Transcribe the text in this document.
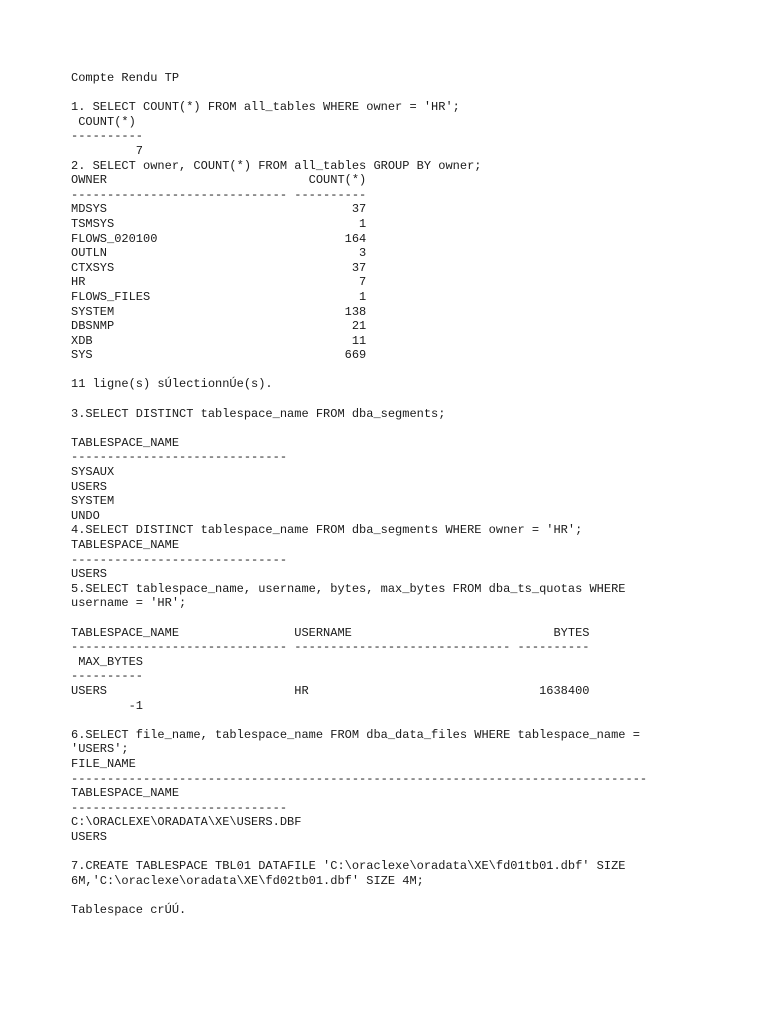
Compte Rendu TP
1. SELECT COUNT(*) FROM all_tables WHERE owner = 'HR';
COUNT(*)
----------
7
2. SELECT owner, COUNT(*) FROM all_tables GROUP BY owner;
OWNER                            COUNT(*)
------------------------------ ----------
MDSYS                                  37
TSMSYS                                  1
FLOWS_020100                          164
OUTLN                                   3
CTXSYS                                 37
HR                                      7
FLOWS_FILES                             1
SYSTEM                                138
DBSNMP                                 21
XDB                                    11
SYS                                   669
11 ligne(s) sÚlectionnÚe(s).
3.SELECT DISTINCT tablespace_name FROM dba_segments;
TABLESPACE_NAME
------------------------------
SYSAUX
USERS
SYSTEM
UNDO
4.SELECT DISTINCT tablespace_name FROM dba_segments WHERE owner = 'HR';
TABLESPACE_NAME
------------------------------
USERS
5.SELECT tablespace_name, username, bytes, max_bytes FROM dba_ts_quotas WHERE
username = 'HR';
TABLESPACE_NAME                USERNAME                            BYTES
------------------------------ ------------------------------ ----------
MAX_BYTES
----------
USERS                          HR                                1638400
-1
6.SELECT file_name, tablespace_name FROM dba_data_files WHERE tablespace_name =
'USERS';
FILE_NAME
--------------------------------------------------------------------------------
TABLESPACE_NAME
------------------------------
C:\ORACLEXE\ORADATA\XE\USERS.DBF
USERS
7.CREATE TABLESPACE TBL01 DATAFILE 'C:\oraclexe\oradata\XE\fd01tb01.dbf' SIZE
6M,'C:\oraclexe\oradata\XE\fd02tb01.dbf' SIZE 4M;
Tablespace crÚÚ.
